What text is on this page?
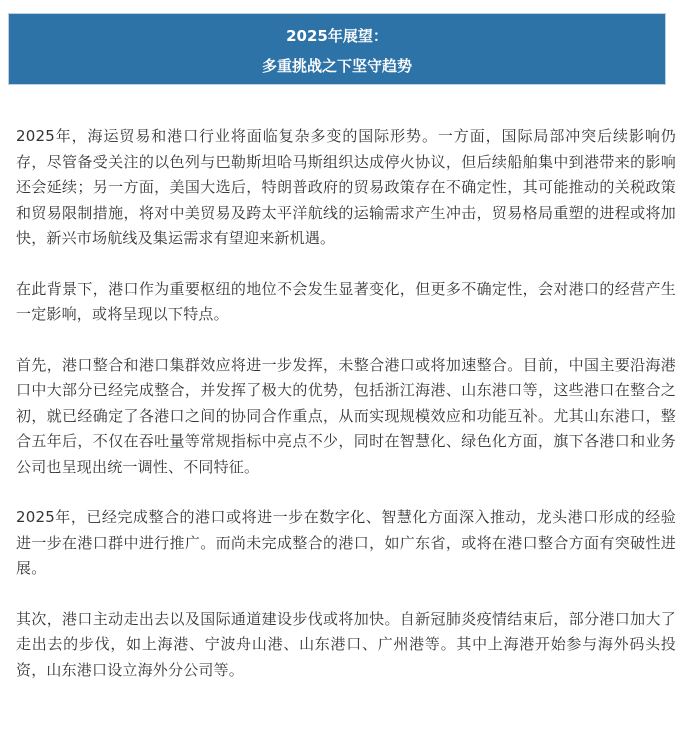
2025年展望：
多重挑战之下坚守趋势

2025年，海运贸易和港口行业将面临复杂多变的国际形势。一方面，国际局部冲突后续影响仍存，尽管备受关注的以色列与巴勒斯坦哈马斯组织达成停火协议，但后续船舶集中到港带来的影响还会延续；另一方面，美国大选后，特朗普政府的贸易政策存在不确定性，其可能推动的关税政策和贸易限制措施，将对中美贸易及跨太平洋航线的运输需求产生冲击，贸易格局重塑的进程或将加快，新兴市场航线及集运需求有望迎来新机遇。

在此背景下，港口作为重要枢纽的地位不会发生显著变化，但更多不确定性，会对港口的经营产生一定影响，或将呈现以下特点。

首先，港口整合和港口集群效应将进一步发挥，未整合港口或将加速整合。目前，中国主要沿海港口中大部分已经完成整合，并发挥了极大的优势，包括浙江海港、山东港口等，这些港口在整合之初，就已经确定了各港口之间的协同合作重点，从而实现规模效应和功能互补。尤其山东港口，整合五年后，不仅在吞吐量等常规指标中亮点不少，同时在智慧化、绿色化方面，旗下各港口和业务公司也呈现出统一调性、不同特征。

2025年，已经完成整合的港口或将进一步在数字化、智慧化方面深入推动，龙头港口形成的经验进一步在港口群中进行推广。而尚未完成整合的港口，如广东省，或将在港口整合方面有突破性进展。

其次，港口主动走出去以及国际通道建设步伐或将加快。自新冠肺炎疫情结束后，部分港口加大了走出去的步伐，如上海港、宁波舟山港、山东港口、广州港等。其中上海港开始参与海外码头投资，山东港口设立海外分公司等。
